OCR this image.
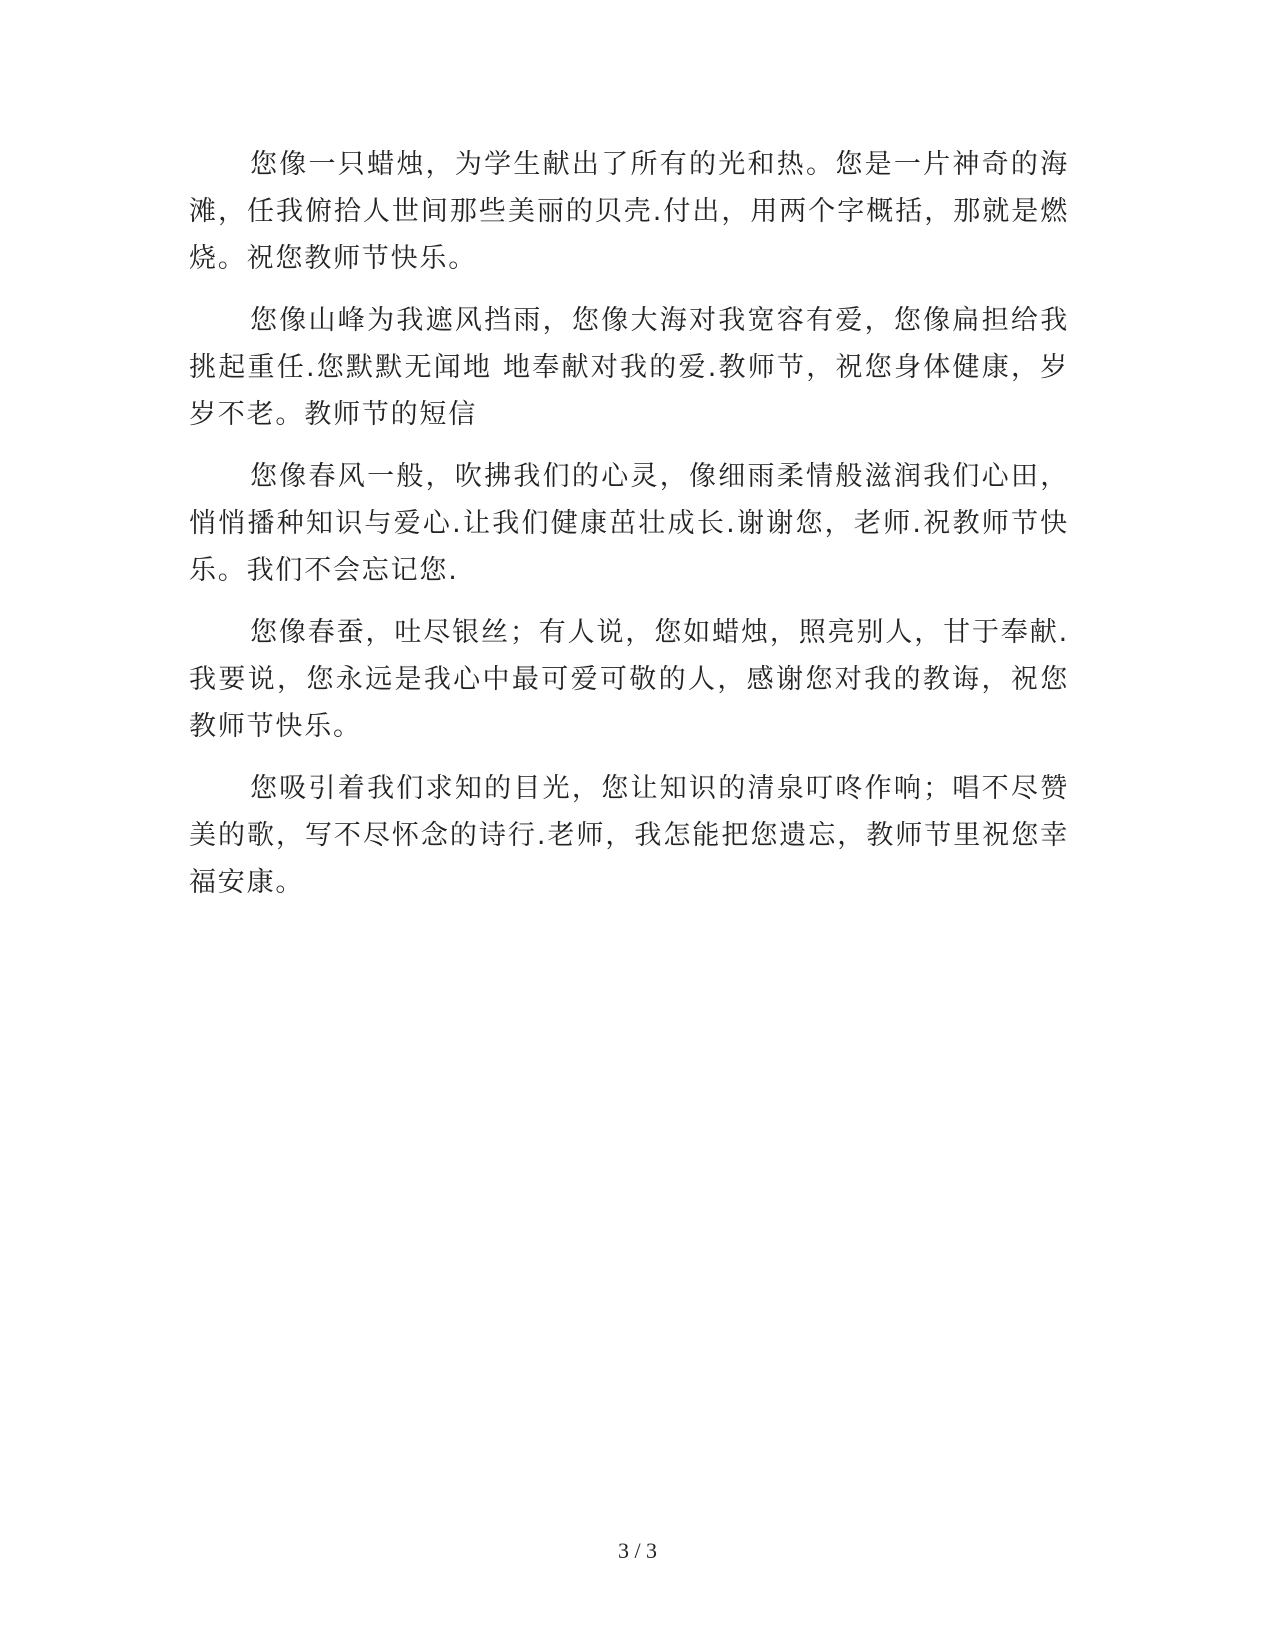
您像一只蜡烛，为学生献出了所有的光和热。您是一片神奇的海滩，任我俯拾人世间那些美丽的贝壳.付出，用两个字概括，那就是燃烧。祝您教师节快乐。

您像山峰为我遮风挡雨，您像大海对我宽容有爱，您像扁担给我挑起重任.您默默无闻地 地奉献对我的爱.教师节，祝您身体健康，岁岁不老。教师节的短信

您像春风一般，吹拂我们的心灵，像细雨柔情般滋润我们心田，悄悄播种知识与爱心.让我们健康茁壮成长.谢谢您，老师.祝教师节快乐。我们不会忘记您.

您像春蚕，吐尽银丝；有人说，您如蜡烛，照亮别人，甘于奉献.我要说，您永远是我心中最可爱可敬的人，感谢您对我的教诲，祝您教师节快乐。

您吸引着我们求知的目光，您让知识的清泉叮咚作响；唱不尽赞美的歌，写不尽怀念的诗行.老师，我怎能把您遗忘，教师节里祝您幸福安康。

3 / 3
